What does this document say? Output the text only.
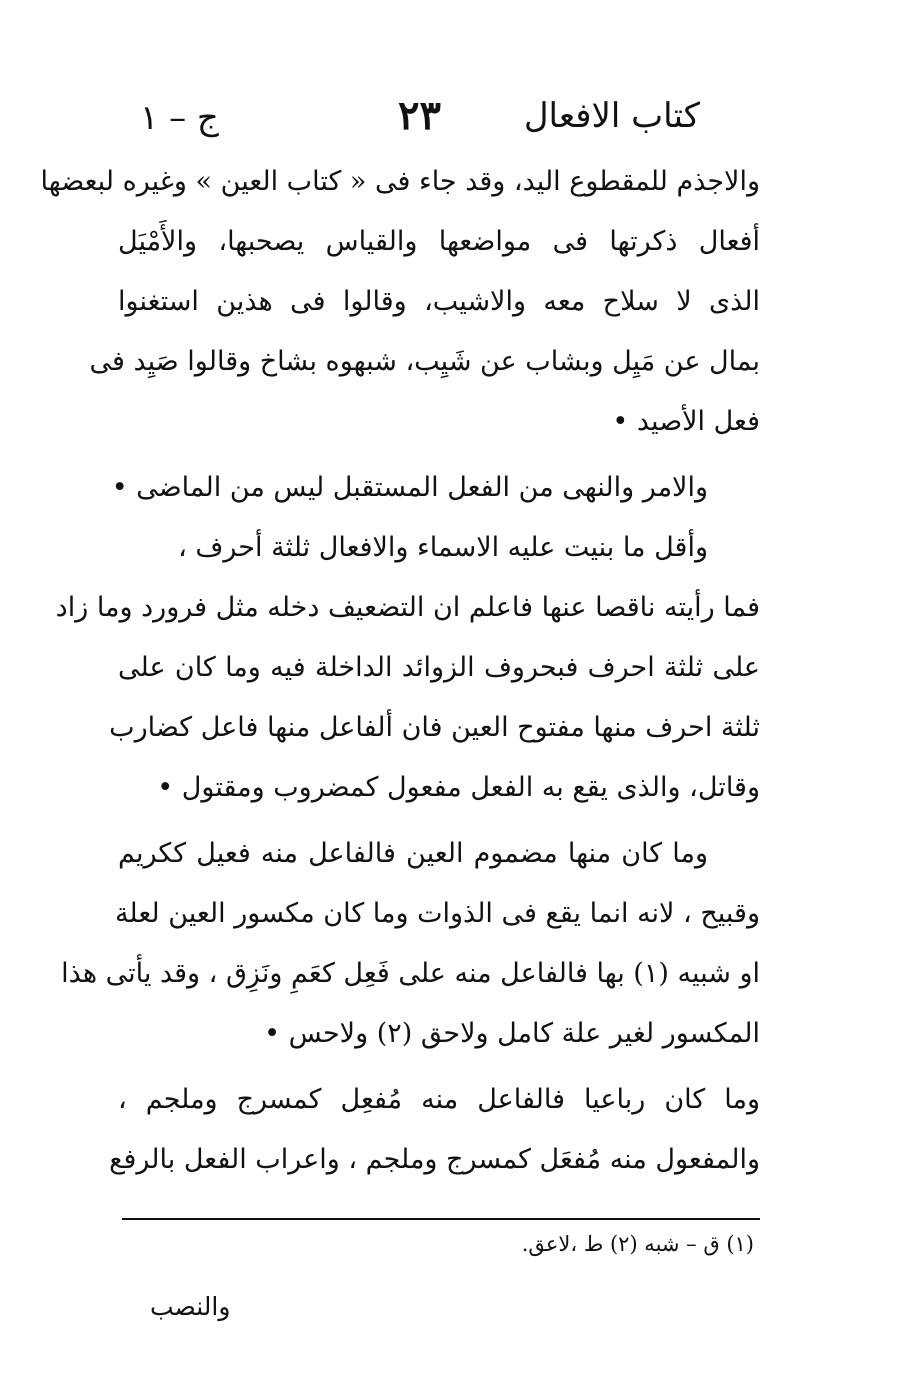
كتاب الافعال
٢٣
ج – ١
والاجذم للمقطوع اليد، وقد جاء فى « كتاب العين » وغيره لبعضها
أفعال ذكرتها فى مواضعها والقياس يصحبها، والأَمْيَل
الذى لا سلاح معه والاشيب، وقالوا فى هذين استغنوا
بمال عن مَيِل وبشاب عن شَيِب، شبهوه بشاخ وقالوا صَيِد فى
فعل الأصيد •
والامر والنهى من الفعل المستقبل ليس من الماضى •
وأقل ما بنيت عليه الاسماء والافعال ثلثة أحرف ،
فما رأيته ناقصا عنها فاعلم ان التضعيف دخله مثل فرورد وما زاد
على ثلثة احرف فبحروف الزوائد الداخلة فيه وما كان على
ثلثة احرف منها مفتوح العين فان ألفاعل منها فاعل كضارب
وقاتل، والذى يقع به الفعل مفعول كمضروب ومقتول •
وما كان منها مضموم العين فالفاعل منه فعيل ككريم
وقبيح ، لانه انما يقع فى الذوات وما كان مكسور العين لعلة
او شبيه (١) بها فالفاعل منه على فَعِل كعَمِ ونَزِق ، وقد يأتى هذا
المكسور لغير علة كامل ولاحق (٢) ولاحس •
وما كان رباعيا فالفاعل منه مُفعِل كمسرج وملجم ،
والمفعول منه مُفعَل كمسرج وملجم ، واعراب الفعل بالرفع
(١) ق – شبه (٢) ط ،لاعق.
والنصب
